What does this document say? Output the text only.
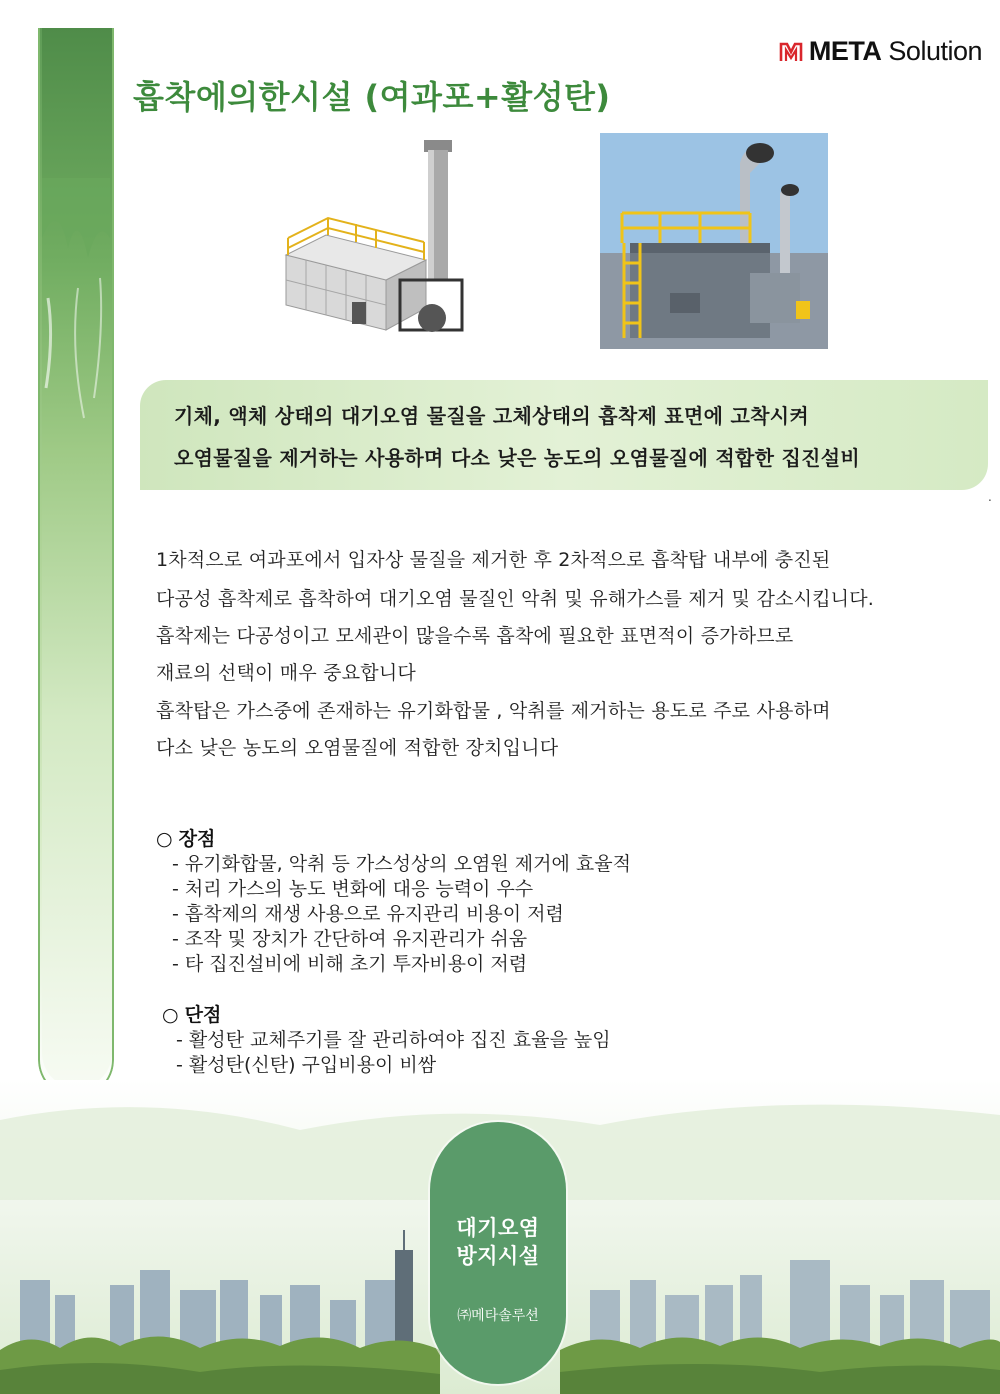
META Solution
흡착에의한시설 (여과포+활성탄)
기체, 액체 상태의 대기오염 물질을 고체상태의 흡착제 표면에 고착시켜
오염물질을 제거하는 사용하며 다소 낮은 농도의 오염물질에 적합한 집진설비
.
1차적으로 여과포에서 입자상 물질을 제거한 후 2차적으로 흡착탑 내부에 충진된
다공성 흡착제로 흡착하여 대기오염 물질인 악취 및 유해가스를 제거 및 감소시킵니다.
흡착제는 다공성이고 모세관이 많을수록 흡착에 필요한 표면적이 증가하므로
재료의 선택이 매우 중요합니다
흡착탑은 가스중에 존재하는 유기화합물 , 악취를 제거하는 용도로 주로 사용하며
다소 낮은 농도의 오염물질에 적합한 장치입니다
○ 장점
- 유기화합물, 악취 등 가스성상의 오염원 제거에 효율적
- 처리 가스의 농도 변화에 대응 능력이 우수
- 흡착제의 재생 사용으로 유지관리 비용이 저렴
- 조작 및 장치가 간단하여 유지관리가 쉬움
- 타 집진설비에 비해 초기 투자비용이 저렴
○ 단점
- 활성탄 교체주기를 잘 관리하여야 집진 효율을 높임
- 활성탄(신탄) 구입비용이 비쌈
대기오염
방지시설
㈜메타솔루션
